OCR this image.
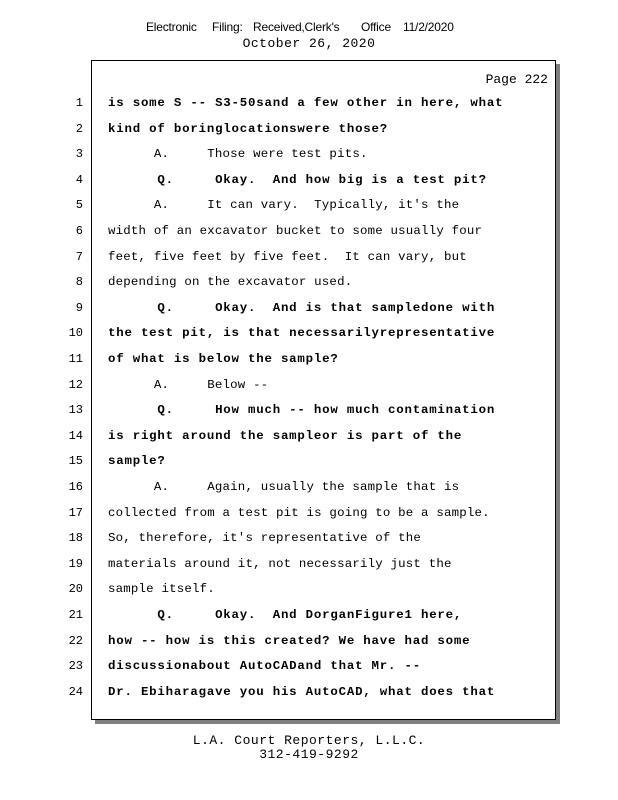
Electronic Filing: Received,Clerk's Office 11/2/2020
October 26, 2020
Page 222
1 is some S -- S3-50sand a few other in here, what
2 kind of boringlocationswere those?
3 A.     Those were test pits.
4 Q.     Okay.  And how big is a test pit?
5 A.     It can vary.  Typically, it's the
6 width of an excavator bucket to some usually four
7 feet, five feet by five feet.  It can vary, but
8 depending on the excavator used.
9 Q.     Okay.  And is that sampledone with
10 the test pit, is that necessarilyrepresentative
11 of what is below the sample?
12 A.     Below --
13 Q.     How much -- how much contamination
14 is right around the sampleor is part of the
15 sample?
16 A.     Again, usually the sample that is
17 collected from a test pit is going to be a sample.
18 So, therefore, it's representative of the
19 materials around it, not necessarily just the
20 sample itself.
21 Q.     Okay.  And DorganFigure1 here,
22 how -- how is this created? We have had some
23 discussionabout AutoCADand that Mr. --
24 Dr. Ebiharagave you his AutoCAD, what does that
L.A. Court Reporters, L.L.C.
312-419-9292
